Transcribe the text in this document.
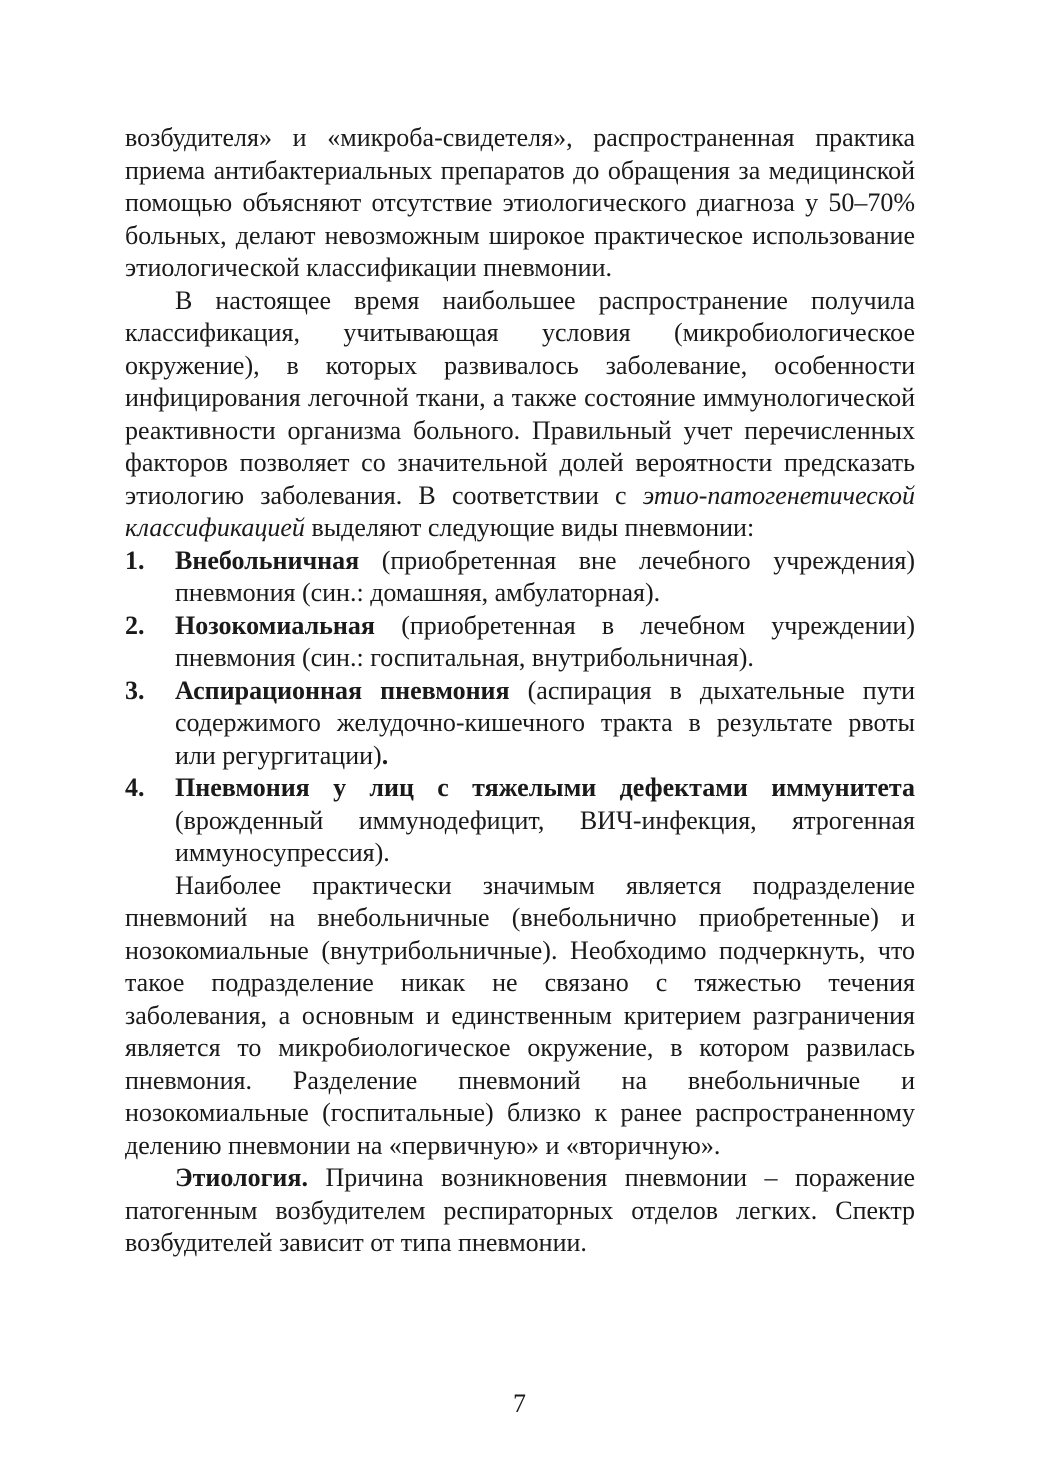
возбудителя» и «микроба-свидетеля», распространенная практика приема антибактериальных препаратов до обращения за медицинской помощью объясняют отсутствие этиологического диагноза у 50–70% больных, делают невозможным широкое практическое использование этиологической классификации пневмонии.

В настоящее время наибольшее распространение получила классификация, учитывающая условия (микробиологическое окружение), в которых развивалось заболевание, особенности инфицирования легочной ткани, а также состояние иммунологической реактивности организма больного. Правильный учет перечисленных факторов позволяет со значительной долей вероятности предсказать этиологию заболевания. В соответствии с этио-патогенетической классификацией выделяют следующие виды пневмонии:

1.	Внебольничная (приобретенная вне лечебного учреждения) пневмония (син.: домашняя, амбулаторная).
2.	Нозокомиальная (приобретенная в лечебном учреждении) пневмония (син.: госпитальная, внутрибольничная).
3.	Аспирационная пневмония (аспирация в дыхательные пути содержимого желудочно-кишечного тракта в результате рвоты или регургитации).
4.	Пневмония у лиц с тяжелыми дефектами иммунитета (врожденный иммунодефицит, ВИЧ-инфекция, ятрогенная иммуносупрессия).

Наиболее практически значимым является подразделение пневмоний на внебольничные (внебольнично приобретенные) и нозокомиальные (внутрибольничные). Необходимо подчеркнуть, что такое подразделение никак не связано с тяжестью течения заболевания, а основным и единственным критерием разграничения является то микробиологическое окружение, в котором развилась пневмония. Разделение пневмоний на внебольничные и нозокомиальные (госпитальные) близко к ранее распространенному делению пневмонии на «первичную» и «вторичную».

Этиология. Причина возникновения пневмонии – поражение патогенным возбудителем респираторных отделов легких. Спектр возбудителей зависит от типа пневмонии.

7
